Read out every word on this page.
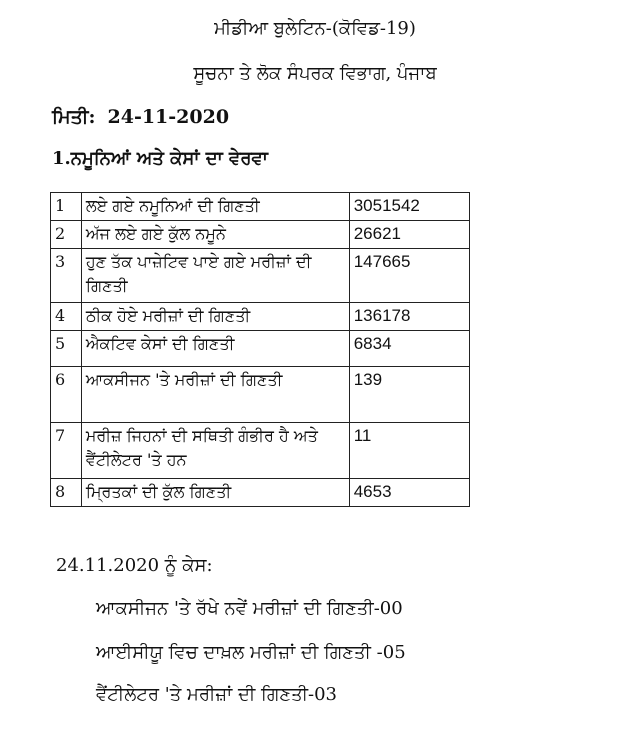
ਮੀਡੀਆ ਬੁਲੇਟਿਨ-(ਕੋਵਿਡ-19)
ਸੂਚਨਾ ਤੇ ਲੋਕ ਸੰਪਰਕ ਵਿਭਾਗ, ਪੰਜਾਬ
ਮਿਤੀ: 24-11-2020
1.ਨਮੂਨਿਆਂ ਅਤੇ ਕੇਸਾਂ ਦਾ ਵੇਰਵਾ
1	ਲਏ ਗਏ ਨਮੂਨਿਆਂ ਦੀ ਗਿਣਤੀ	3051542
2	ਅੱਜ ਲਏ ਗਏ ਕੁੱਲ ਨਮੂਨੇ	26621
3	ਹੁਣ ਤੱਕ ਪਾਜ਼ੇਟਿਵ ਪਾਏ ਗਏ ਮਰੀਜ਼ਾਂ ਦੀ ਗਿਣਤੀ	147665
4	ਠੀਕ ਹੋਏ ਮਰੀਜ਼ਾਂ ਦੀ ਗਿਣਤੀ	136178
5	ਐਕਟਿਵ ਕੇਸਾਂ ਦੀ ਗਿਣਤੀ	6834
6	ਆਕਸੀਜਨ 'ਤੇ ਮਰੀਜ਼ਾਂ ਦੀ ਗਿਣਤੀ	139
7	ਮਰੀਜ਼ ਜਿਹਨਾਂ ਦੀ ਸਥਿਤੀ ਗੰਭੀਰ ਹੈ ਅਤੇ ਵੈਂਟੀਲੇਟਰ 'ਤੇ ਹਨ	11
8	ਮ੍ਰਿਤਕਾਂ ਦੀ ਕੁੱਲ ਗਿਣਤੀ	4653
24.11.2020 ਨੂੰ ਕੇਸ:
ਆਕਸੀਜਨ 'ਤੇ ਰੱਖੇ ਨਵੇਂ ਮਰੀਜ਼ਾਂ ਦੀ ਗਿਣਤੀ-00
ਆਈਸੀਯੂ ਵਿਚ ਦਾਖ਼ਲ ਮਰੀਜ਼ਾਂ ਦੀ ਗਿਣਤੀ -05
ਵੈਂਟੀਲੇਟਰ 'ਤੇ ਮਰੀਜ਼ਾਂ ਦੀ ਗਿਣਤੀ-03
